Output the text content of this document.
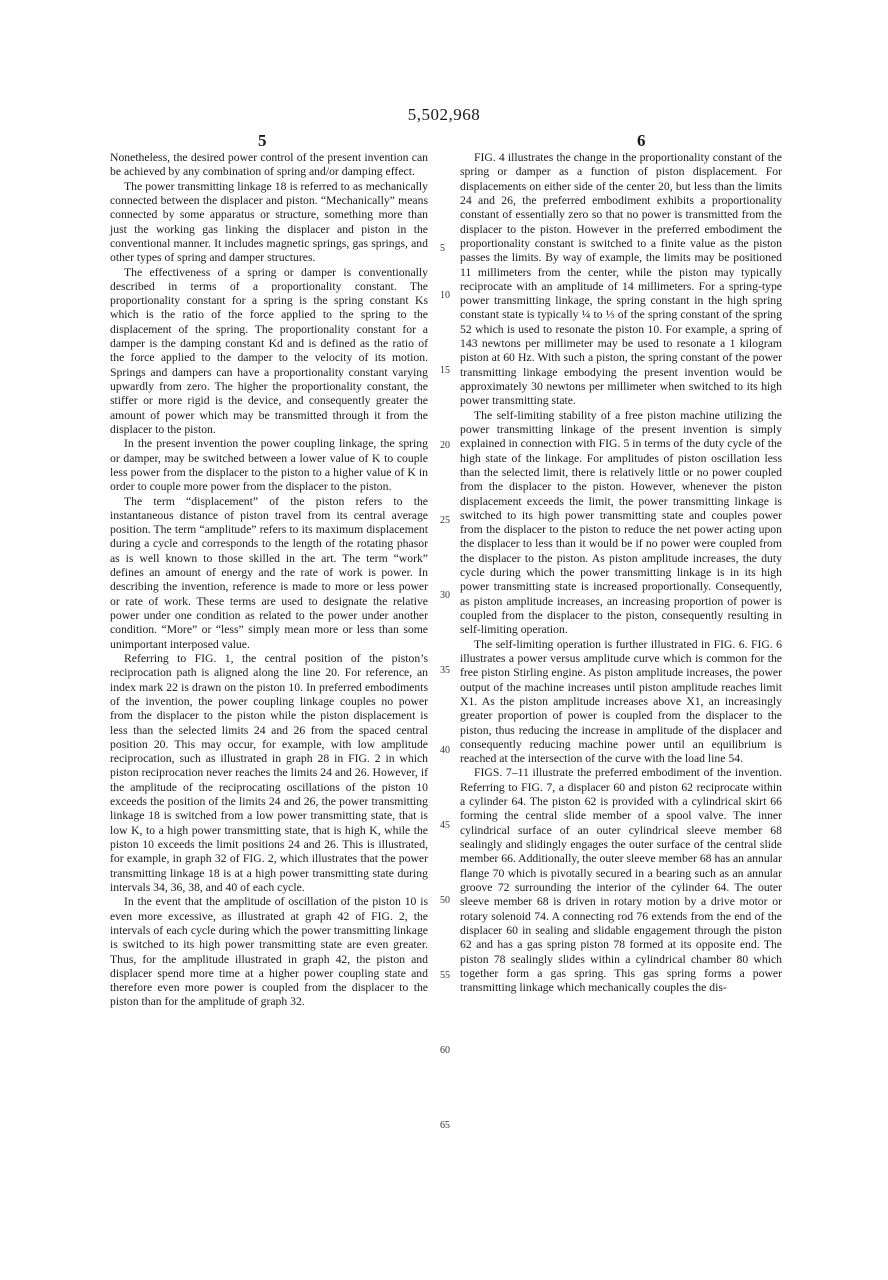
5,502,968
5	6

Nonetheless, the desired power control of the present invention can be achieved by any combination of spring and/or damping effect.

The power transmitting linkage 18 is referred to as mechanically connected between the displacer and piston. “Mechanically” means connected by some apparatus or structure, something more than just the working gas linking the displacer and piston in the conventional manner. It includes magnetic springs, gas springs, and other types of spring and damper structures.

The effectiveness of a spring or damper is conventionally described in terms of a proportionality constant. The proportionality constant for a spring is the spring constant Ks which is the ratio of the force applied to the spring to the displacement of the spring. The proportionality constant for a damper is the damping constant Kd and is defined as the ratio of the force applied to the damper to the velocity of its motion. Springs and dampers can have a proportionality constant varying upwardly from zero. The higher the proportionality constant, the stiffer or more rigid is the device, and consequently greater the amount of power which may be transmitted through it from the displacer to the piston.

In the present invention the power coupling linkage, the spring or damper, may be switched between a lower value of K to couple less power from the displacer to the piston to a higher value of K in order to couple more power from the displacer to the piston.

The term “displacement” of the piston refers to the instantaneous distance of piston travel from its central average position. The term “amplitude” refers to its maximum displacement during a cycle and corresponds to the length of the rotating phasor as is well known to those skilled in the art. The term “work” defines an amount of energy and the rate of work is power. In describing the invention, reference is made to more or less power or rate of work. These terms are used to designate the relative power under one condition as related to the power under another condition. “More” or “less” simply mean more or less than some unimportant interposed value.

Referring to FIG. 1, the central position of the piston’s reciprocation path is aligned along the line 20. For reference, an index mark 22 is drawn on the piston 10. In preferred embodiments of the invention, the power coupling linkage couples no power from the displacer to the piston while the piston displacement is less than the selected limits 24 and 26 from the spaced central position 20. This may occur, for example, with low amplitude reciprocation, such as illustrated in graph 28 in FIG. 2 in which piston reciprocation never reaches the limits 24 and 26. However, if the amplitude of the reciprocating oscillations of the piston 10 exceeds the position of the limits 24 and 26, the power transmitting linkage 18 is switched from a low power transmitting state, that is low K, to a high power transmitting state, that is high K, while the piston 10 exceeds the limit positions 24 and 26. This is illustrated, for example, in graph 32 of FIG. 2, which illustrates that the power transmitting linkage 18 is at a high power transmitting state during intervals 34, 36, 38, and 40 of each cycle.

In the event that the amplitude of oscillation of the piston 10 is even more excessive, as illustrated at graph 42 of FIG. 2, the intervals of each cycle during which the power transmitting linkage is switched to its high power transmitting state are even greater. Thus, for the amplitude illustrated in graph 42, the piston and displacer spend more time at a higher power coupling state and therefore even more power is coupled from the displacer to the piston than for the amplitude of graph 32.

5
10
15
20
25
30
35
40
45
50
55
60
65

FIG. 4 illustrates the change in the proportionality constant of the spring or damper as a function of piston displacement. For displacements on either side of the center 20, but less than the limits 24 and 26, the preferred embodiment exhibits a proportionality constant of essentially zero so that no power is transmitted from the displacer to the piston. However in the preferred embodiment the proportionality constant is switched to a finite value as the piston passes the limits. By way of example, the limits may be positioned 11 millimeters from the center, while the piston may typically reciprocate with an amplitude of 14 millimeters. For a spring-type power transmitting linkage, the spring constant in the high spring constant state is typically ¼ to ⅓ of the spring constant of the spring 52 which is used to resonate the piston 10. For example, a spring of 143 newtons per millimeter may be used to resonate a 1 kilogram piston at 60 Hz. With such a piston, the spring constant of the power transmitting linkage embodying the present invention would be approximately 30 newtons per millimeter when switched to its high power transmitting state.

The self-limiting stability of a free piston machine utilizing the power transmitting linkage of the present invention is simply explained in connection with FIG. 5 in terms of the duty cycle of the high state of the linkage. For amplitudes of piston oscillation less than the selected limit, there is relatively little or no power coupled from the displacer to the piston. However, whenever the piston displacement exceeds the limit, the power transmitting linkage is switched to its high power transmitting state and couples power from the displacer to the piston to reduce the net power acting upon the displacer to less than it would be if no power were coupled from the displacer to the piston. As piston amplitude increases, the duty cycle during which the power transmitting linkage is in its high power transmitting state is increased proportionally. Consequently, as piston amplitude increases, an increasing proportion of power is coupled from the displacer to the piston, consequently resulting in self-limiting operation.

The self-limiting operation is further illustrated in FIG. 6. FIG. 6 illustrates a power versus amplitude curve which is common for the free piston Stirling engine. As piston amplitude increases, the power output of the machine increases until piston amplitude reaches limit X1. As the piston amplitude increases above X1, an increasingly greater proportion of power is coupled from the displacer to the piston, thus reducing the increase in amplitude of the displacer and consequently reducing machine power until an equilibrium is reached at the intersection of the curve with the load line 54.

FIGS. 7–11 illustrate the preferred embodiment of the invention. Referring to FIG. 7, a displacer 60 and piston 62 reciprocate within a cylinder 64. The piston 62 is provided with a cylindrical skirt 66 forming the central slide member of a spool valve. The inner cylindrical surface of an outer cylindrical sleeve member 68 sealingly and slidingly engages the outer surface of the central slide member 66. Additionally, the outer sleeve member 68 has an annular flange 70 which is pivotally secured in a bearing such as an annular groove 72 surrounding the interior of the cylinder 64. The outer sleeve member 68 is driven in rotary motion by a drive motor or rotary solenoid 74. A connecting rod 76 extends from the end of the displacer 60 in sealing and slidable engagement through the piston 62 and has a gas spring piston 78 formed at its opposite end. The piston 78 sealingly slides within a cylindrical chamber 80 which together form a gas spring. This gas spring forms a power transmitting linkage which mechanically couples the dis-
